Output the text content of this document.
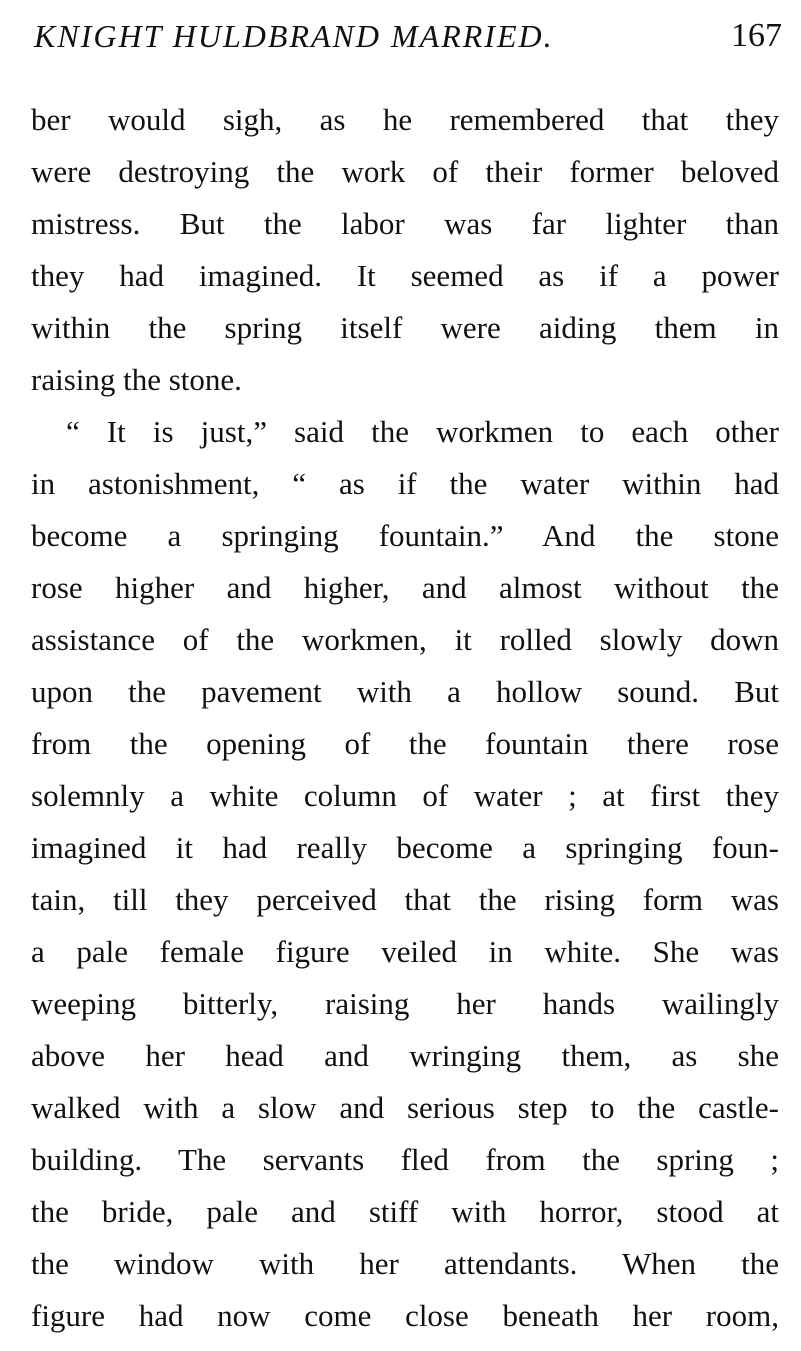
KNIGHT HULDBRAND MARRIED.	167
ber would sigh, as he remembered that they
were destroying the work of their former beloved
mistress. But the labor was far lighter than
they had imagined. It seemed as if a power
within the spring itself were aiding them in
raising the stone.
“ It is just,” said the workmen to each other
in astonishment, “ as if the water within had
become a springing fountain.” And the stone
rose higher and higher, and almost without the
assistance of the workmen, it rolled slowly down
upon the pavement with a hollow sound. But
from the opening of the fountain there rose
solemnly a white column of water ; at first they
imagined it had really become a springing foun-
tain, till they perceived that the rising form was
a pale female figure veiled in white. She was
weeping bitterly, raising her hands wailingly
above her head and wringing them, as she
walked with a slow and serious step to the castle-
building. The servants fled from the spring ;
the bride, pale and stiff with horror, stood at
the window with her attendants. When the
figure had now come close beneath her room,
